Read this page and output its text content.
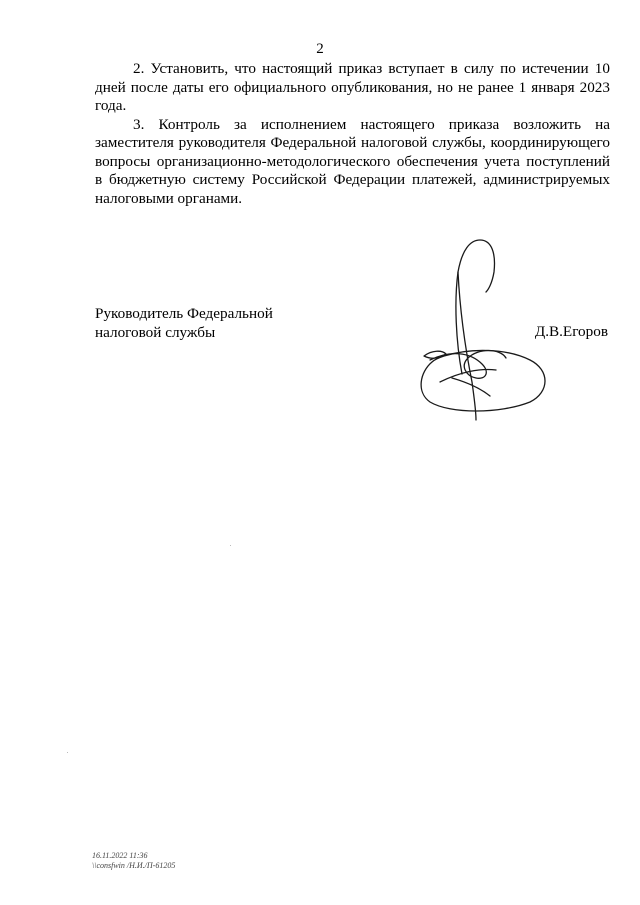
2

2. Установить, что настоящий приказ вступает в силу по истечении 10 дней после даты его официального опубликования, но не ранее 1 января 2023 года.

3. Контроль за исполнением настоящего приказа возложить на заместителя руководителя Федеральной налоговой службы, координирующего вопросы организационно-методологического обеспечения учета поступлений в бюджетную систему Российской Федерации платежей, администрируемых налоговыми органами.

Руководитель Федеральной
налоговой службы	Д.В.Егоров
16.11.2022 11:36
\\consfwin /Н.И./П-61205
